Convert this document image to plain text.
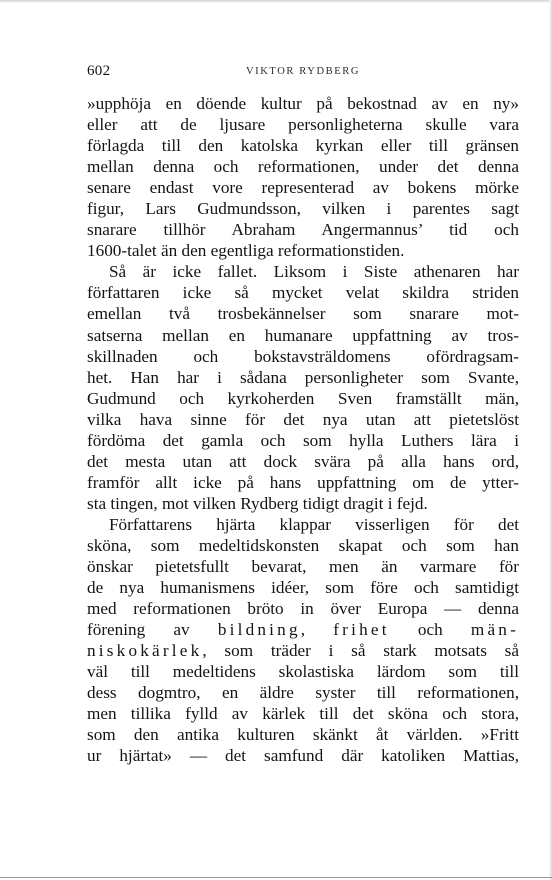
602	VIKTOR RYDBERG
»upphöja en döende kultur på bekostnad av en ny»
eller att de ljusare personligheterna skulle vara
förlagda till den katolska kyrkan eller till gränsen
mellan denna och reformationen, under det denna
senare endast vore representerad av bokens mörke
figur, Lars Gudmundsson, vilken i parentes sagt
snarare tillhör Abraham Angermannus’ tid och
1600-talet än den egentliga reformationstiden.
Så är icke fallet. Liksom i Siste athenaren har
författaren icke så mycket velat skildra striden
emellan två trosbekännelser som snarare mot-
satserna mellan en humanare uppfattning av tros-
skillnaden och bokstavsträldomens ofördragsam-
het. Han har i sådana personligheter som Svante,
Gudmund och kyrkoherden Sven framställt män,
vilka hava sinne för det nya utan att pietetslöst
fördöma det gamla och som hylla Luthers lära i
det mesta utan att dock svära på alla hans ord,
framför allt icke på hans uppfattning om de ytter-
sta tingen, mot vilken Rydberg tidigt dragit i fejd.
Författarens hjärta klappar visserligen för det
sköna, som medeltidskonsten skapat och som han
önskar pietetsfullt bevarat, men än varmare för
de nya humanismens idéer, som före och samtidigt
med reformationen bröto in över Europa — denna
förening av bildning, frihet och män-
niskokärlek, som träder i så stark motsats så
väl till medeltidens skolastiska lärdom som till
dess dogmtro, en äldre syster till reformationen,
men tillika fylld av kärlek till det sköna och stora,
som den antika kulturen skänkt åt världen. »Fritt
ur hjärtat» — det samfund där katoliken Mattias,
